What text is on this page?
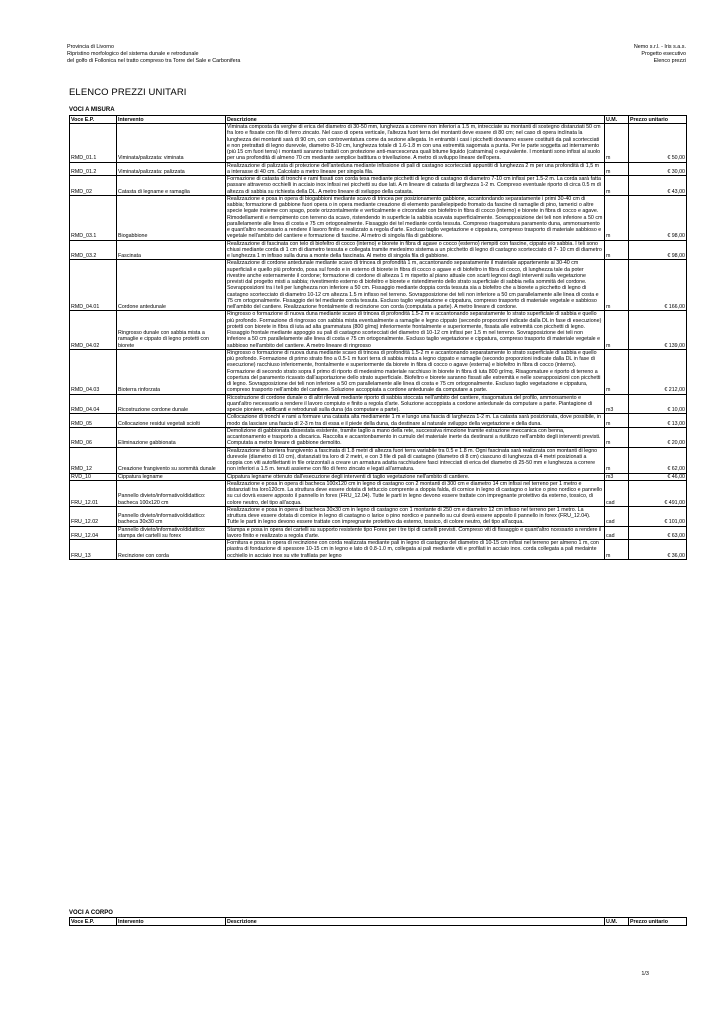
Provincia di Livorno
Ripristino morfologico del sistema dunale e retrodunale
del golfo di Follonica nel tratto compreso tra Torre del Sale e Carbonifera
Nemo s.r.l. - Iris s.a.s.
Progetto esecutivo
Elenco prezzi
ELENCO PREZZI UNITARI
VOCI A MISURA
Voce E.P.	Intervento	Descrizione	U.M.	Prezzo unitario
RMD_01.1	Viminata/palizzata: viminata	Viminata composta da verghe di erica del diametro di 30-50 mm, lunghezza a correre non inferiori a 1.5 m, intrecciate su montanti di sostegno distanziati 50 cm fra loro e fissate con filo di ferro zincato. Nel caso di opera verticale, l'altezza fuori terra dei montanti deve essere di 80 cm; nel caso di opera inclinata la lunghezza dei montanti sarà di 90 cm, con controventatura come da sezione allegata. In entrambi i casi i picchetti dovranno essere costituiti da pali scortecciati e non pretrattati di legno durevole, diametro 8-10 cm, lunghezza totale di 1.6-1.8 m con una estremità sagomata a punta. Per le parte soggetta ad interramento (più 15 cm fuori terra) i montanti saranno trattati con protezione anti-marcescenza quali bitume liquido (catramina) o equivalente. I montanti sono infissi al suolo per una profondità di almeno 70 cm mediante semplice battitura o trivellazione. A metro di sviluppo lineare dell'opera.	m	€ 50,00
RMD_01.2	Viminata/palizzata: palizzata	Realizzazione di palizzata di protezione dell'anteduna mediante infissione di pali di castagno scortecciati appuntiti di lunghezza 2 m per una profondità di 1,5 m a interasse di 40 cm. Calcolato a metro lineare per singola fila.	m	€ 30,00
RMD_02	Catasta di legname e ramaglia	Formazione di catasta di tronchi e rami fissati con corda tesa mediante picchetti di legno di castagno di diametro 7-10 cm infissi per 1.5-2 m. La corda sarà fatta passare attraverso occhielli in acciaio inox infissi nei picchetti su due lati. A m lineare di catasta di larghezza 1-2 m. Compreso eventuale riporto di circa 0.5 m di altezza di sabbia su richiesta della DL. A metro lineare di sviluppo della catasta.	m	€ 43,00
RMD_03.1	Biogabbione	Realizzazione e posa in opera di biogabbioni mediante scavo di trincea per posizionamento gabbione, accantondando separatamente i primi 30-40 cm di sabbia; formazione di gabbione fuori opera o in opera mediante creazione di elemento parallelepipedo fromato da fascine di ramaglie di pino, tamerici o altre specie legate insieme con spago, poste orizzontalmente e verticalmente e circondate con biofeltro in fibra di cocco (interno) e biorete in fibra di cocco e agave. Rimodellamenti e riempimento con terreno da scavo, ristendendo in superficie la sabbia scavata superficialmente. Sovrapposizione dei teli non inferiore a 50 cm parallelamente alle linea di costa e 75 cm ortogonalmente. Fissaggio dei tel mediante corda tessuta. Compreso risagomatura paramento duna, ammorsamento e quant'altro necessario a rendere il lavoro finito e realizzato a regola d'arte. Escluso taglio vegetazione e cippatura, compreso trasporto di materiale sabbioso e vegetale nell'ambito del cantiere e formazione di fascine. Al metro di singola fila di gabbione.	m	€ 98,00
RMD_03.2	Fascinata	Realizzazione di fascinata con telo di biofeltro di cocco (interno) e biorete in fibra di agave o cocco (esterno) riempiti con fascine, cippato e/o sabbia. I teli sono chiusi mediante corda di 1 cm di diametro tessuta e collegata tramite medesimo sistema a un picchetto di legno di castagno scortecciato di 7- 10 cm di diametro e lunghezza 1 m infisso sulla duna a monte della fascinata. Al metro di singola fila di gabbione.	m	€ 98,00
RMD_04.01	Cordone antedunale	Realizzazione di cordone antedunale mediante scavo di trincea di profondità 1 m, accantonando separatamente il materiale appartenente ai 30-40 cm superficiali e quello più profondo, posa sul fondo e in esterno di biorete in fibra di cocco o agave e di biofeltro in fibra di cocco, di lunghezza tale da poter rivestire anche esternamente il cordone; formazione di cordone di altezza 1 m rispetto al piano attuale con scarti legnosi dagli interventi sulla vegetazione previsti dal progetto misti a sabbia; rivestimento esterno di biofeltro e biorete e ristendimento dello strato superficiale di sabbia nella sommità del cordone. Sovrapposizioni tra i teli per lunghezza non inferiore a 50 cm. Fissaggio mediante doppia corda tessuta sia a biofeltro che a biorete a picchetto di legno di castagno scortecciato di diametro 10-12 cm altezza 1.5 m infisso nel terreno. Sovrapposizione dei teli non inferiore a 50 cm parallelamente alle linea di costa e 75 cm ortogonalmente. Fissaggio dei tel mediante corda tessuta. Escluso taglio vegetazione e cippatura, compreso trasporto di materiale vegetale e sabbioso nell'ambito del cantiere. Realizzazione frontalmente di recinzione con corda (computata a parte). A metro lineare di cordone.	m	€ 166,00
RMD_04.02	Ringrosso dunale con sabbia mista a ramaglie e cippato di legno protetti con biorete	Ringrosso o formazione di nuova duna mediante scavo di trincea di profondità 1.5-2 m e accantonando separatamente lo strato superficiale di sabbia e quello più profondo. Formazione di ringrosso con sabbia mista eventualmente a ramaglie e legno cippato (secondo proporzioni indicate dalla DL in fase di esecuzione) protetti con biorete in fibra di iuta ad alta grammatura (800 g/mq) inferiormente frontalmente e superiormente, fissata alle estremità con picchetti di legno. Fissaggio frontale mediante appoggio su pali di castagno scortecciati del diametro di 10-12 cm infissi per 1.5 m nel terreno. Sovrapposizione dei teli non inferiore a 50 cm parallelamente alle linea di costa e 75 cm ortogonalmente. Escluso taglio vegetazione e cippatura, compreso trasporto di materiale vegetale e sabbioso nell'ambito del cantiere. A metro lineare di ringrosso	m	€ 139,00
RMD_04.03	Bioterra rinforzata	Ringrosso o formazione di nuova duna mediante scavo di trincea di profondità 1.5-2 m e accantonando separatamente lo strato superficiale di sabbia e quello più profondo. Formazione di primo strato fino a 0.5-1 m fuori terra di sabbia mista a legno cippato e ramaglie (secondo proporzioni indicate dalla DL in fase di esecuzione) racchiuso inferiormente, frontalmente e superiormente da biorete in fibra di cocco o agave (esterna) e biofeltro in fibra di cocco (interno). Formazione di secondo strato sopra il primo di riporto di medesimo materiale racchiuso in biorete in fibra di iuta 800 gr/mq. Risagomature e riporto di terreno a copertura del paramento ricavato dall'asportazione dello strato superficiale. Biofeltro e biorete saranno fissati alle estremità e nelle sovrapposizioni con picchetti di legno. Sovrapposizione dei teli non inferiore a 50 cm parallelamente alle linea di costa e 75 cm ortogonalmente. Escluso taglio vegetazione e cippatura, compreso trasporto nell'ambito del cantiere. Soluzione accoppiata a cordone antedunale da computare a parte.	m	€ 212,00
RMD_04.04	Ricostruzione cordone dunale	Ricostruzione di cordone dunale o di altri rilevati mediante riporto di sabbia stoccata nell'ambito del cantiere, risagomatura del profilo, ammorsamento e quant'altro necessario a rendere il lavoro compiuto e finito a regola d'arte. Soluzione accoppiata a cordone antedunale da computare a parte. Piantagione di specie pioniere, edificanti e retrodunali sulla duna (da computare a parte).	m3	€ 10,00
RMD_05	Collocazione residui vegetali sciolti	Collocazione di tronchi e rami a formare una catasta alta mediamente 1 m e lungo una fascia di larghezza 1-2 m. La catasta sarà posizionata, dove possibile, in modo da lasciare una fascia di 2-3 m tra di essa e il piede della duna, da destinare al naturale sviluppo della vegetazione e della duna.	m	€ 13,00
RMD_06	Eliminazione gabbionata	Demolizione di gabbionata dissestata esistente, tramite taglio a mano della rete, successiva rimozione tramite estrazione meccanica con benna, accantonamento e trasporto a discarica. Raccolta e accantonbamento in cumulo del materiale inerte da destinarsi a riutilizzo nell'ambito degli interventi previsti. Computata a metro lineare di gabbione demolito.	m	€ 20,00
RMD_12	Creazione frangivento su sommità dunale	Realizzazione di barriera frangivento a fascinata di 1.8 metri di altezza fuori terra variabile tra 0.5 e 1.8 m. Ogni fascinata sarà realizzata con montanti di legno durevole (diametro di 10 cm), distanziati tra loro di 2 metri, e con 3 file di pali di castagno (diametro di 8 cm) ciascuno di lunghezza di 4 metri posizionati a coppia con viti autofilettanti in file orizzontali a creare un armatura adatta racchiudere fasci intrecciati di erica del diametro di 25-50 mm e lunghezza a correre non inferiori a 1.5 m. tenuti assieme con filo di ferro zincato e legati all'armatura.	m	€ 62,00
RVD_10	Cippatura legname	Cippatura legname ottenuto dall'esecuzione degli interventi di taglio vegetazione nell'ambito di cantiere.	m3	€ 46,00
FRU_12.01	Pannello divieto/informativo/didattico: bacheca 100x120 cm	Realizzazione e posa in opera di bacheca 100x120 cm in legno di castagno con 2 montanti di 300 cm e diametro 14 cm infissi nel terreno per 1 metro e distanziati tra loro120cm. La struttura deve essere dotata di tettuccio comprente a doppia falda, di cornice in legno di castagno o larice o pino nordico e pannello su cui dovrà essere apposto il pannello in forex (FRU_12.04). Tutte le parti in legno devono essere trattate con impregnante protettivo da esterno, tossico, di colore neutro, del tipo all'acqua.	cad	€ 491,00
FRU_12.02	Pannello divieto/informativo/didattico: bacheca 30x30 cm	Realizzazione e posa in opera di bacheca 30x30 cm in legno di castagno con 1 montante di 250 cm e diametro 12 cm infisso nel terreno per 1 metro. La struttura deve essere dotata di cornice in legno di castagno o larice o pino nordico e pannello su cui dovrà essere apposto il pannello in forex (FRU_12.04). Tutte le parti in legno devono essere trattate con impregnante protettivo da esterno, tossico, di colore neutro, del tipo all'acqua.	cad	€ 101,00
FRU_12.04	Pannello divieto/informativo/didattico: stampa dei cartelli su forex	Stampa e posa in opera dei cartelli su supporto resistente tipo Forex per i tre tipi di cartelli previsti. Compreso viti di fissaggio e quant'altro ncessario a rendere il lavoro finito e realizzato a regola d'arte.	cad	€ 63,00
FRU_13	Recinzione con corda	Fornitura e posa in opera di recinzione con corda realizzata mediante pali in legno di castagno del diametro di 10-15 cm infissi nel terreno per almeno 1 m, con piastra di fondazione di spessore 10-15 cm in legno e lato di 0.8-1.0 m, collegata ai pali mediante viti e profilati in acciaio inox. corda collegata a pali medainte occhiello in acciaio inox su vite trafilata per legno	m	€ 36,00
VOCI A CORPO
Voce E.P.	Intervento	Descrizione	U.M.	Prezzo unitario
1/3
